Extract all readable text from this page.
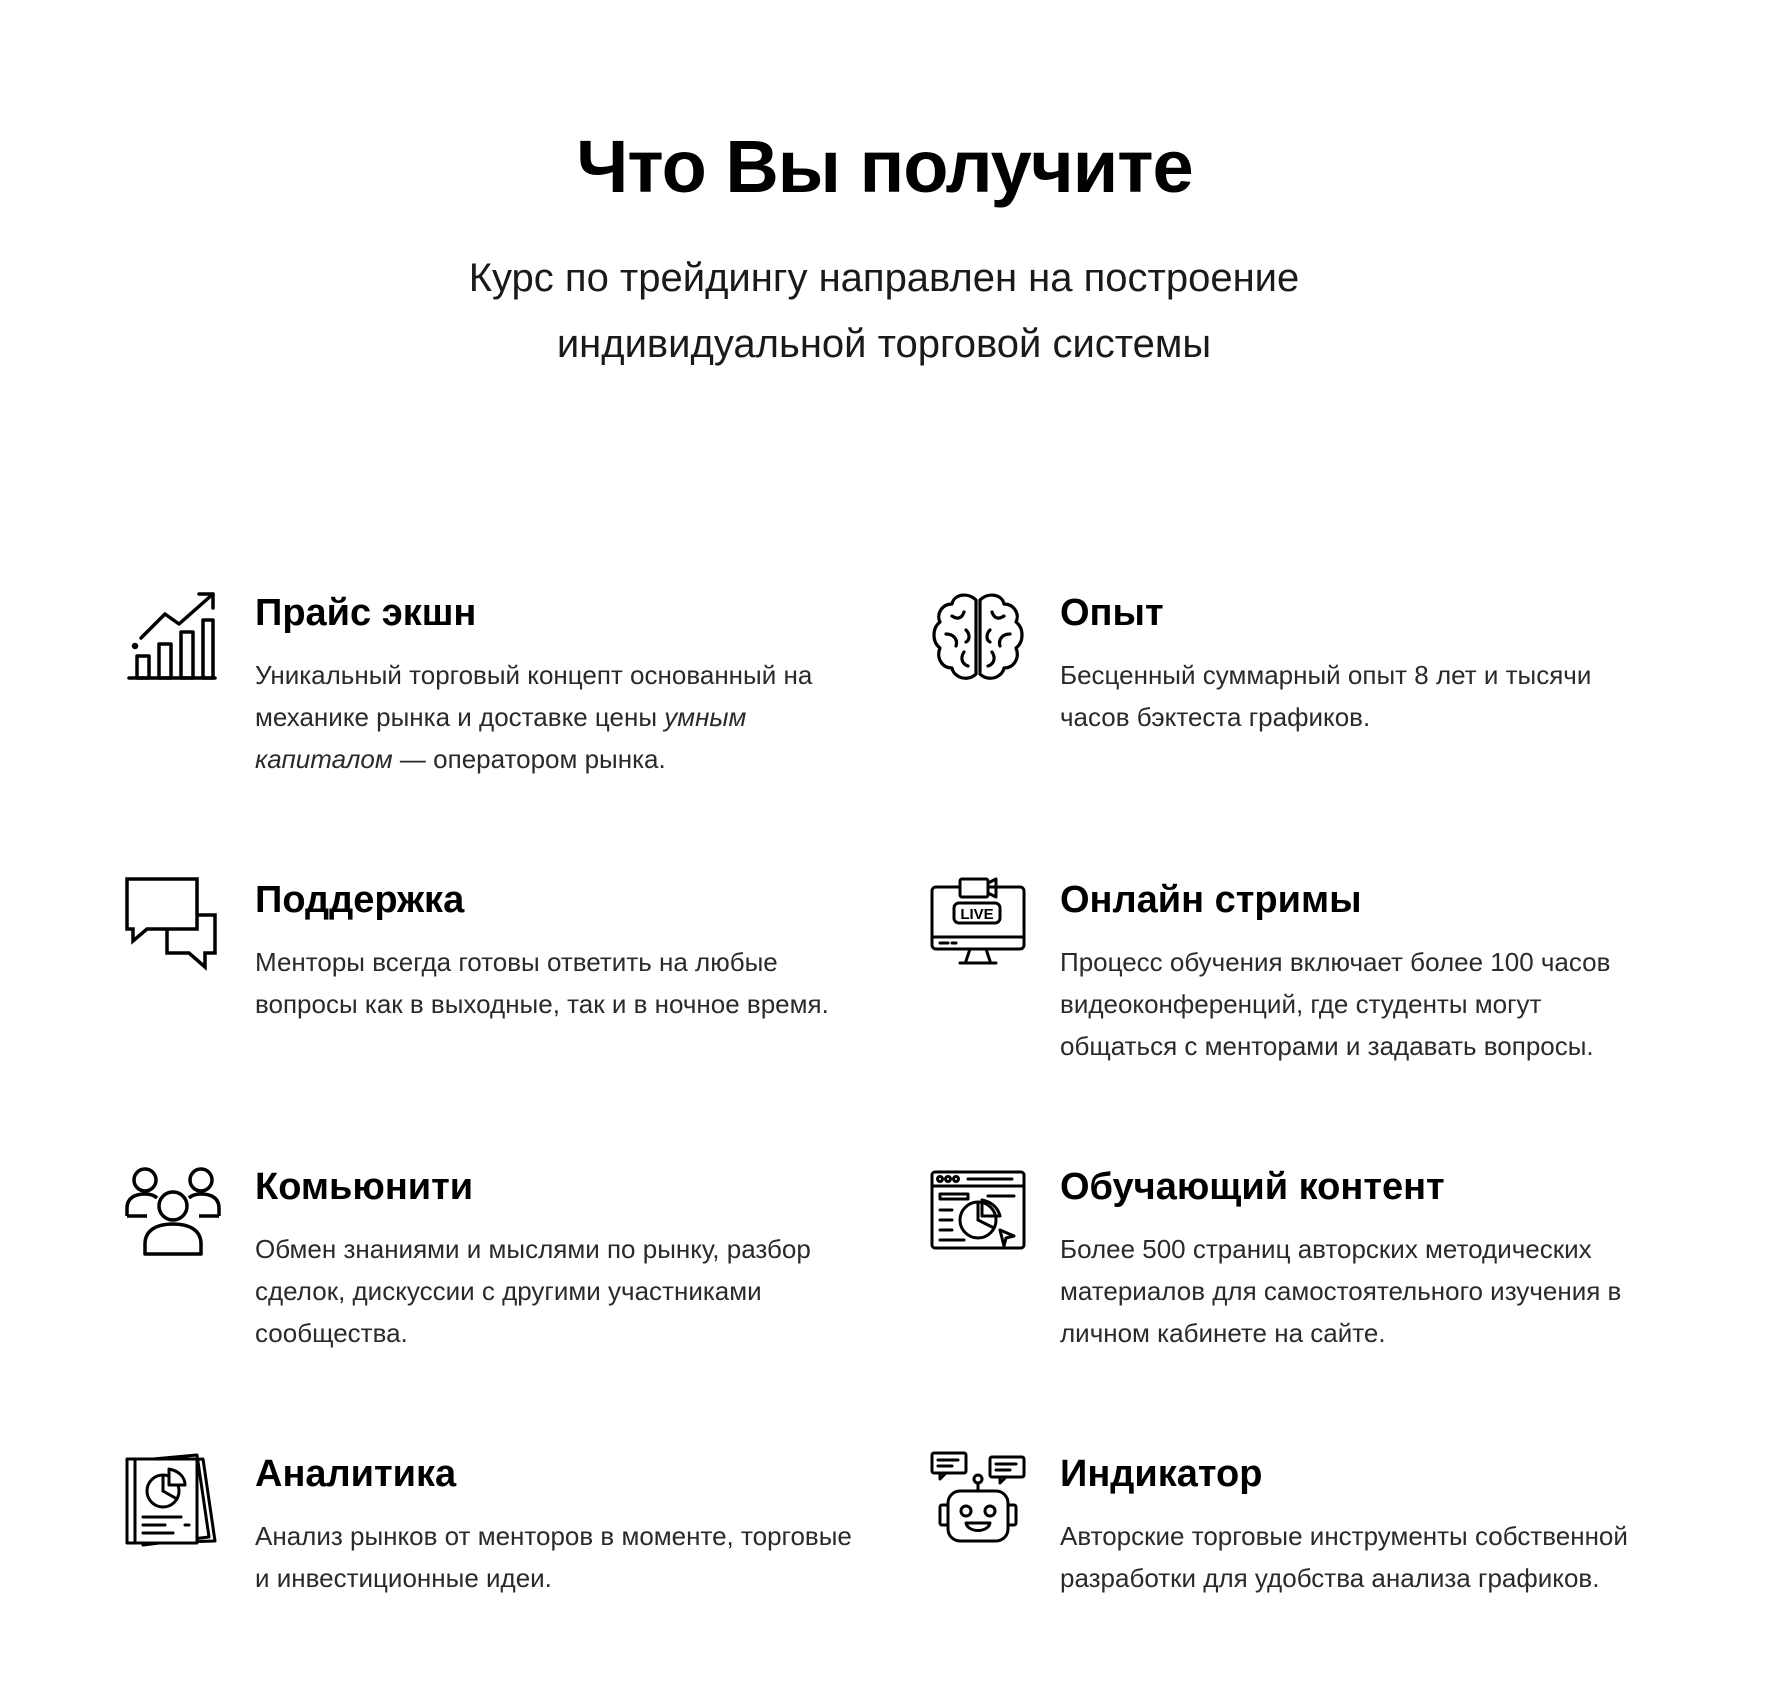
Что Вы получите
Курс по трейдингу направлен на построение
индивидуальной торговой системы
Прайс экшн
Уникальный торговый концепт основанный на механике рынка и доставке цены умным капиталом — оператором рынка.
Опыт
Бесценный суммарный опыт 8 лет и тысячи часов бэктеста графиков.
Поддержка
Менторы всегда готовы ответить на любые вопросы как в выходные, так и в ночное время.
LIVE Онлайн стримы
Процесс обучения включает более 100 часов видеоконференций, где студенты могут общаться с менторами и задавать вопросы.
Комьюнити
Обмен знаниями и мыслями по рынку, разбор сделок, дискуссии с другими участниками сообщества.
Обучающий контент
Более 500 страниц авторских методических материалов для самостоятельного изучения в личном кабинете на сайте.
Аналитика
Анализ рынков от менторов в моменте, торговые и инвестиционные идеи.
Индикатор
Авторские торговые инструменты собственной разработки для удобства анализа графиков.
